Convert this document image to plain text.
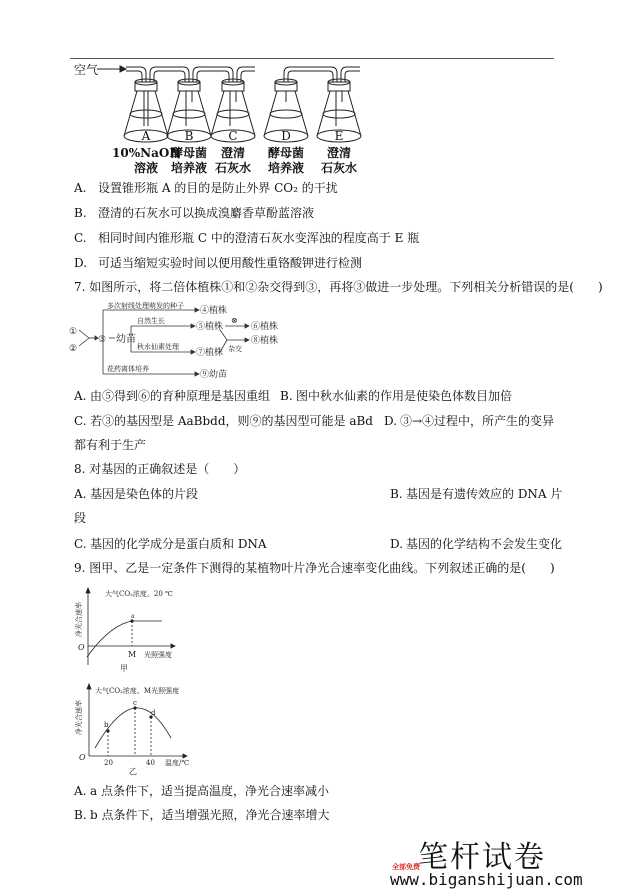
空气
A	B	C	D	E
10%NaOH
溶液
酵母菌
培养液
澄清
石灰水
酵母菌
培养液
澄清
石灰水
A. 设置锥形瓶 A 的目的是防止外界 CO₂ 的干扰
B. 澄清的石灰水可以换成溴麝香草酚蓝溶液
C. 相同时间内锥形瓶 C 中的澄清石灰水变浑浊的程度高于 E 瓶
D. 可适当缩短实验时间以便用酸性重铬酸钾进行检测
7. 如图所示，将二倍体植株①和②杂交得到③，再将③做进一步处理。下列相关分析错误的是(　　)
①
②
③ 幼苗
多次射线处理萌发的种子 ④植株
自然生长
⑤植株
秋水仙素处理
⑦植株
⊗
⑥植株
杂交
⑧植株
花药离体培养
⑨幼苗
A. 由⑤得到⑥的育种原理是基因重组 B. 图中秋水仙素的作用是使染色体数目加倍
C. 若③的基因型是 AaBbdd，则⑨的基因型可能是 aBd D. ③→④过程中，所产生的变异
都有利于生产
8. 对基因的正确叙述是（　　）
A. 基因是染色体的片段	B. 基因是有遗传效应的 DNA 片
段
C. 基因的化学成分是蛋白质和 DNA	D. 基因的化学结构不会发生变化
9. 图甲、乙是一定条件下测得的某植物叶片净光合速率变化曲线。下列叙述正确的是(　　)
大气CO₂浓度、20 ℃
a
O
M 光照强度
甲
净光合速率
大气CO₂浓度、M光照强度
b
c
d
O
20	40 温度/℃
乙
净光合速率
A. a 点条件下，适当提高温度，净光合速率减小
B. b 点条件下，适当增强光照，净光合速率增大
笔杆试卷
全部免费
www.biganshijuan.com
